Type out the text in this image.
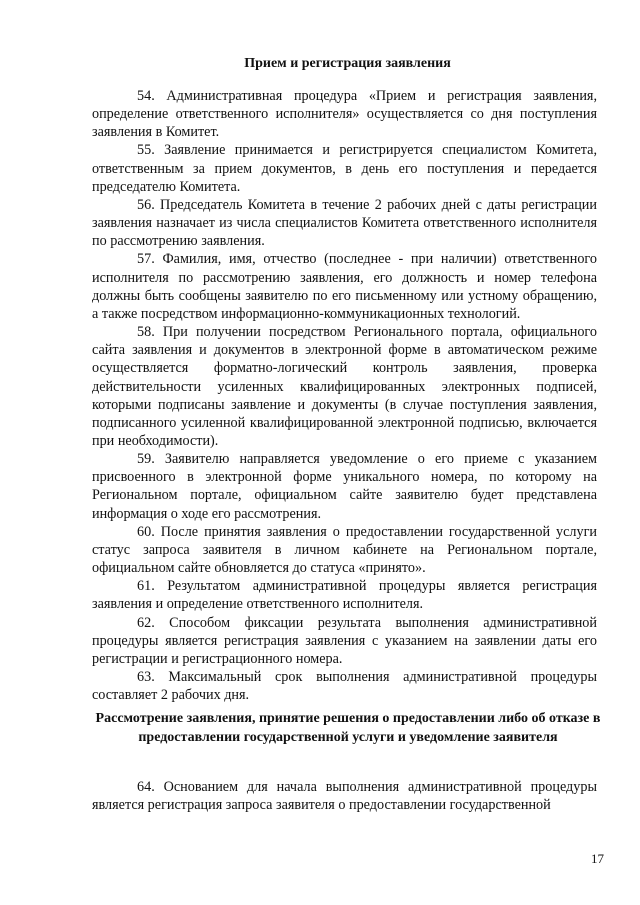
Прием и регистрация заявления

54. Административная процедура «Прием и регистрация заявления, определение ответственного исполнителя» осуществляется со дня поступления заявления в Комитет.

55. Заявление принимается и регистрируется специалистом Комитета, ответственным за прием документов, в день его поступления и передается председателю Комитета.

56. Председатель Комитета в течение 2 рабочих дней с даты регистрации заявления назначает из числа специалистов Комитета ответственного исполнителя по рассмотрению заявления.

57. Фамилия, имя, отчество (последнее - при наличии) ответственного исполнителя по рассмотрению заявления, его должность и номер телефона должны быть сообщены заявителю по его письменному или устному обращению, а также посредством информационно-коммуникационных технологий.

58. При получении посредством Регионального портала, официального сайта заявления и документов в электронной форме в автоматическом режиме осуществляется форматно-логический контроль заявления, проверка действительности усиленных квалифицированных электронных подписей, которыми подписаны заявление и документы (в случае поступления заявления, подписанного усиленной квалифицированной электронной подписью, включается при необходимости).

59. Заявителю направляется уведомление о его приеме с указанием присвоенного в электронной форме уникального номера, по которому на Региональном портале, официальном сайте заявителю будет представлена информация о ходе его рассмотрения.

60. После принятия заявления о предоставлении государственной услуги статус запроса заявителя в личном кабинете на Региональном портале, официальном сайте обновляется до статуса «принято».

61. Результатом административной процедуры является регистрация заявления и определение ответственного исполнителя.

62. Способом фиксации результата выполнения административной процедуры является регистрация заявления с указанием на заявлении даты его регистрации и регистрационного номера.

63. Максимальный срок выполнения административной процедуры составляет 2 рабочих дня.

Рассмотрение заявления, принятие решения о предоставлении либо об отказе в предоставлении государственной услуги и уведомление заявителя

64. Основанием для начала выполнения административной процедуры является регистрация запроса заявителя о предоставлении государственной

17
